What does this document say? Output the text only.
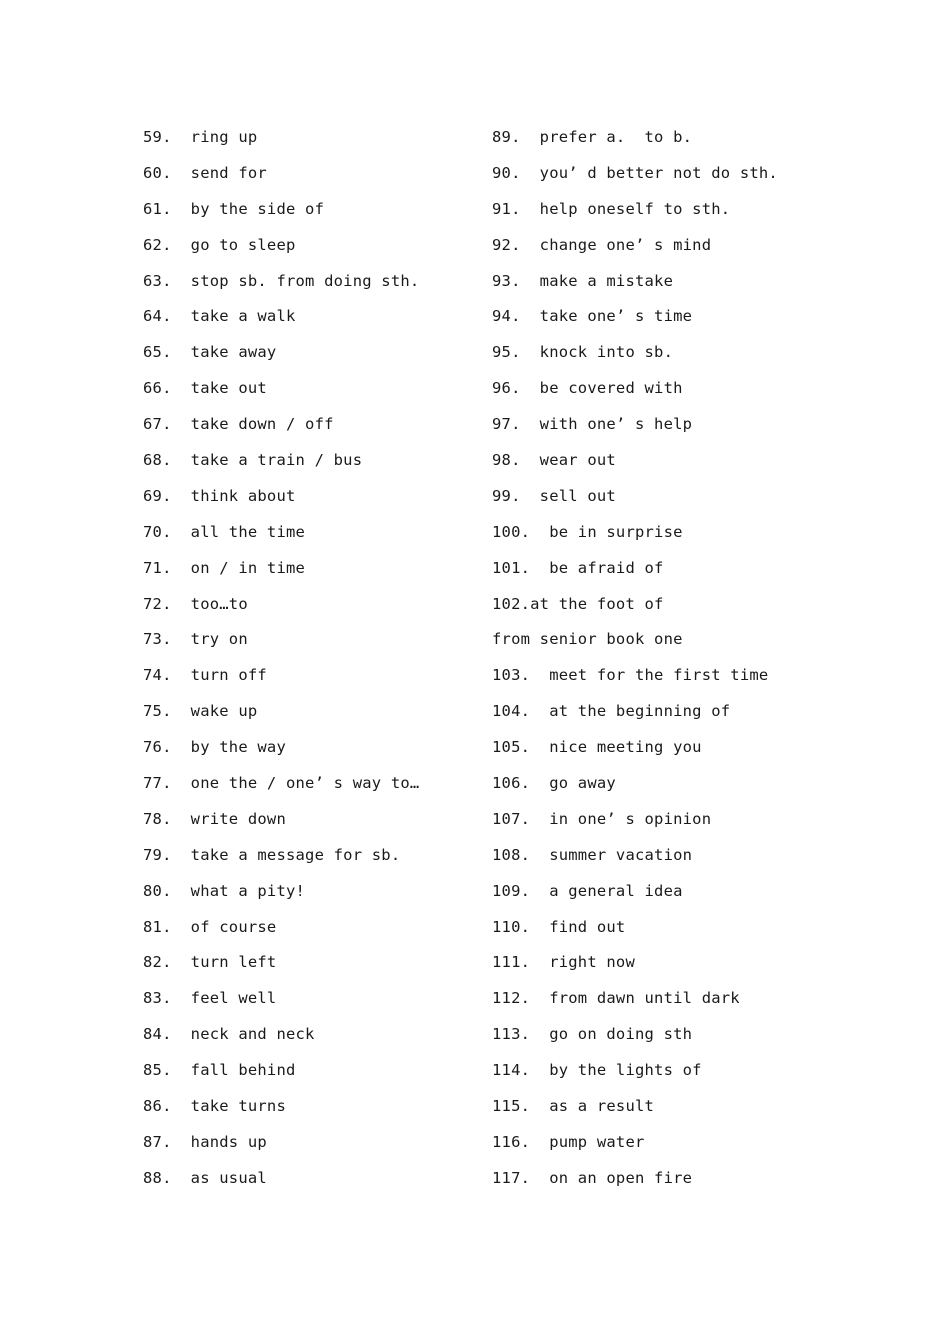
59.  ring up
60.  send for
61.  by the side of
62.  go to sleep
63.  stop sb. from doing sth.
64.  take a walk
65.  take away
66.  take out
67.  take down / off
68.  take a train / bus
69.  think about
70.  all the time
71.  on / in time
72.  too…to
73.  try on
74.  turn off
75.  wake up
76.  by the way
77.  one the / one’ s way to…
78.  write down
79.  take a message for sb.
80.  what a pity!
81.  of course
82.  turn left
83.  feel well
84.  neck and neck
85.  fall behind
86.  take turns
87.  hands up
88.  as usual
89.  prefer a.  to b.
90.  you’ d better not do sth.
91.  help oneself to sth.
92.  change one’ s mind
93.  make a mistake
94.  take one’ s time
95.  knock into sb.
96.  be covered with
97.  with one’ s help
98.  wear out
99.  sell out
100.  be in surprise
101.  be afraid of
102.at the foot of
from senior book one
103.  meet for the first time
104.  at the beginning of
105.  nice meeting you
106.  go away
107.  in one’ s opinion
108.  summer vacation
109.  a general idea
110.  find out
111.  right now
112.  from dawn until dark
113.  go on doing sth
114.  by the lights of
115.  as a result
116.  pump water
117.  on an open fire
